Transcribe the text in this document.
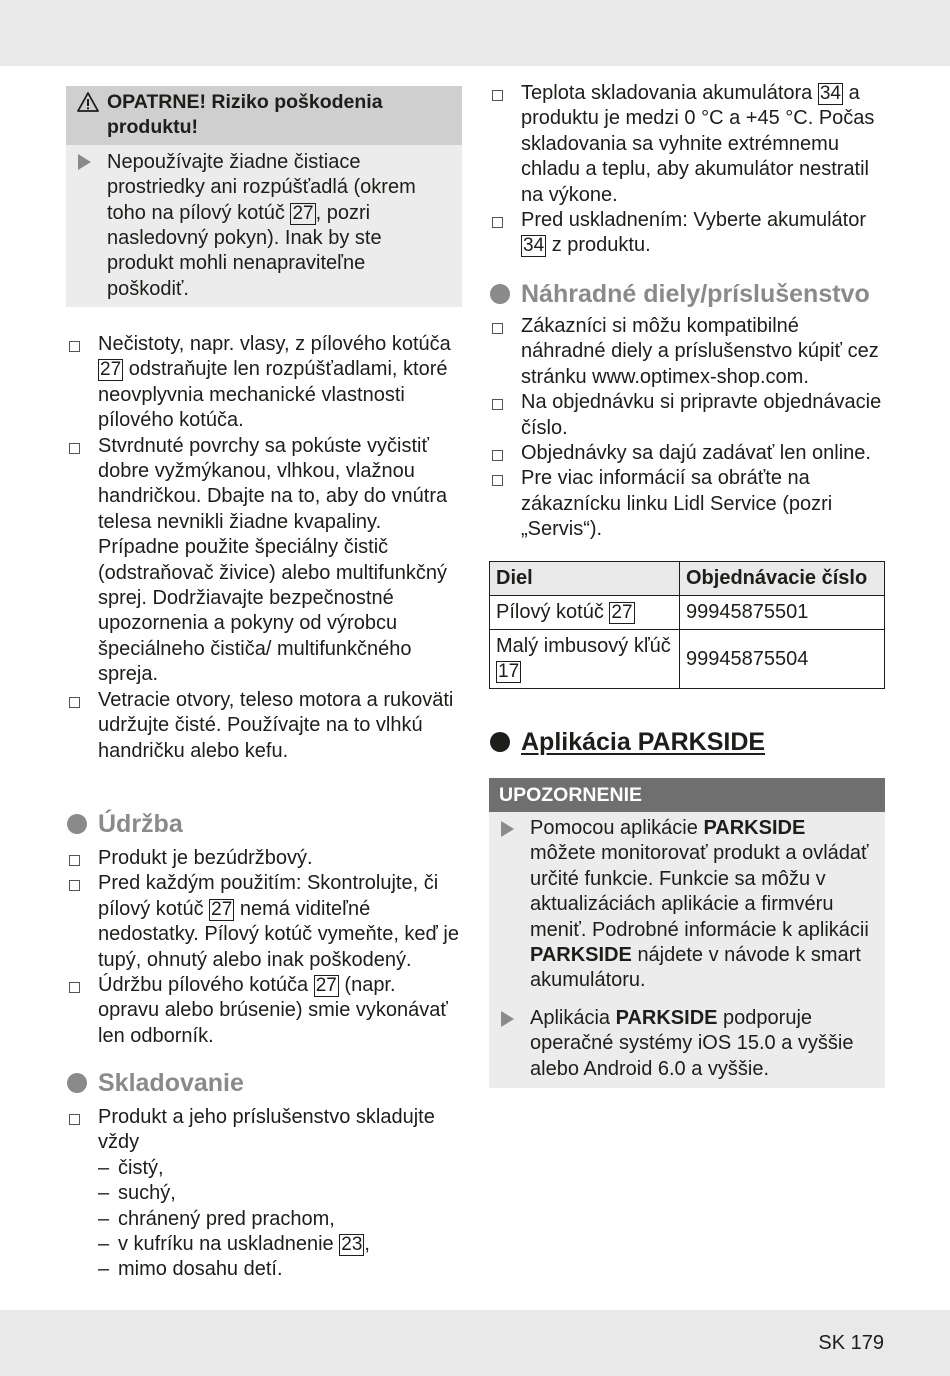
OPATRNE! Riziko poškodenia produktu!
Nepoužívajte žiadne čistiace prostriedky ani rozpúšťadlá (okrem toho na pílový kotúč 27 , pozri nasledovný pokyn). Inak by ste produkt mohli nenapraviteľne poškodiť.
Nečistoty, napr. vlasy, z pílového kotúča 27 odstraňujte len rozpúšťadlami, ktoré neovplyvnia mechanické vlastnosti pílového kotúča.
Stvrdnuté povrchy sa pokúste vyčistiť dobre vyžmýkanou, vlhkou, vlažnou handričkou. Dbajte na to, aby do vnútra telesa nevnikli žiadne kvapaliny. Prípadne použite špeciálny čistič (odstraňovač živice) alebo multifunkčný sprej. Dodržiavajte bezpečnostné upozornenia a pokyny od výrobcu špeciálneho čističa/ multifunkčného spreja.
Vetracie otvory, teleso motora a rukoväti udržujte čisté. Používajte na to vlhkú handričku alebo kefu.
Údržba
Produkt je bezúdržbový.
Pred každým použitím: Skontrolujte, či pílový kotúč 27 nemá viditeľné nedostatky. Pílový kotúč vymeňte, keď je tupý, ohnutý alebo inak poškodený.
Údržbu pílového kotúča 27 (napr. opravu alebo brúsenie) smie vykonávať len odborník.
Skladovanie
Produkt a jeho príslušenstvo skladujte vždy
– čistý,
– suchý,
– chránený pred prachom,
– v kufríku na uskladnenie 23 ,
– mimo dosahu detí.
Teplota skladovania akumulátora 34 a produktu je medzi 0 °C a +45 °C. Počas skladovania sa vyhnite extrémnemu chladu a teplu, aby akumulátor nestratil na výkone.
Pred uskladnením: Vyberte akumulátor 34 z produktu.
Náhradné diely/príslušenstvo
Zákazníci si môžu kompatibilné náhradné diely a príslušenstvo kúpiť cez stránku www.optimex-shop.com.
Na objednávku si pripravte objednávacie číslo.
Objednávky sa dajú zadávať len online.
Pre viac informácií sa obráťte na zákaznícku linku Lidl Service (pozri „Servis“).
Diel	Objednávacie číslo
Pílový kotúč 27	99945875501
Malý imbusový kľúč 17	99945875504
Aplikácia PARKSIDE
UPOZORNENIE
Pomocou aplikácie PARKSIDE môžete monitorovať produkt a ovládať určité funkcie. Funkcie sa môžu v aktualizáciách aplikácie a firmvéru meniť. Podrobné informácie k aplikácii PARKSIDE nájdete v návode k smart akumulátoru.
Aplikácia PARKSIDE podporuje operačné systémy iOS 15.0 a vyššie alebo Android 6.0 a vyššie.
SK 179
